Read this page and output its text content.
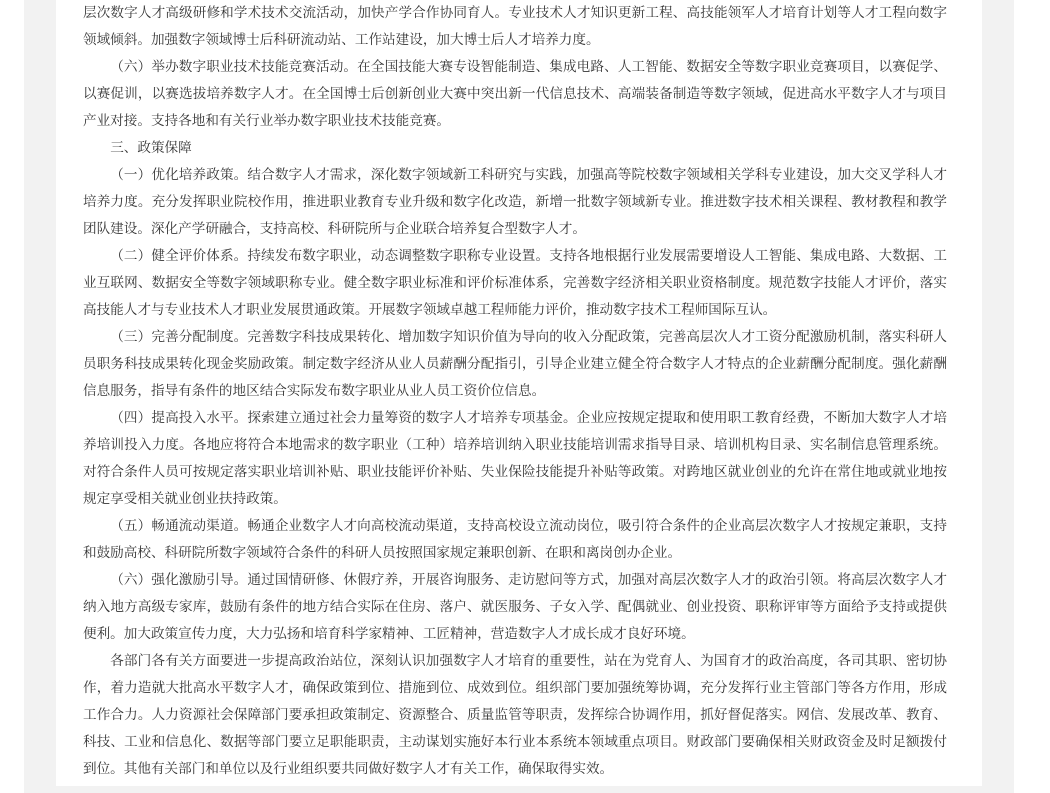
层次数字人才高级研修和学术技术交流活动，加快产学合作协同育人。专业技术人才知识更新工程、高技能领军人才培育计划等人才工程向数字领域倾斜。加强数字领域博士后科研流动站、工作站建设，加大博士后人才培养力度。

（六）举办数字职业技术技能竞赛活动。在全国技能大赛专设智能制造、集成电路、人工智能、数据安全等数字职业竞赛项目，以赛促学、以赛促训，以赛选拔培养数字人才。在全国博士后创新创业大赛中突出新一代信息技术、高端装备制造等数字领域，促进高水平数字人才与项目产业对接。支持各地和有关行业举办数字职业技术技能竞赛。

三、政策保障

（一）优化培养政策。结合数字人才需求，深化数字领域新工科研究与实践，加强高等院校数字领域相关学科专业建设，加大交叉学科人才培养力度。充分发挥职业院校作用，推进职业教育专业升级和数字化改造，新增一批数字领域新专业。推进数字技术相关课程、教材教程和教学团队建设。深化产学研融合，支持高校、科研院所与企业联合培养复合型数字人才。

（二）健全评价体系。持续发布数字职业，动态调整数字职称专业设置。支持各地根据行业发展需要增设人工智能、集成电路、大数据、工业互联网、数据安全等数字领域职称专业。健全数字职业标准和评价标准体系，完善数字经济相关职业资格制度。规范数字技能人才评价，落实高技能人才与专业技术人才职业发展贯通政策。开展数字领域卓越工程师能力评价，推动数字技术工程师国际互认。

（三）完善分配制度。完善数字科技成果转化、增加数字知识价值为导向的收入分配政策，完善高层次人才工资分配激励机制，落实科研人员职务科技成果转化现金奖励政策。制定数字经济从业人员薪酬分配指引，引导企业建立健全符合数字人才特点的企业薪酬分配制度。强化薪酬信息服务，指导有条件的地区结合实际发布数字职业从业人员工资价位信息。

（四）提高投入水平。探索建立通过社会力量筹资的数字人才培养专项基金。企业应按规定提取和使用职工教育经费，不断加大数字人才培养培训投入力度。各地应将符合本地需求的数字职业（工种）培养培训纳入职业技能培训需求指导目录、培训机构目录、实名制信息管理系统。对符合条件人员可按规定落实职业培训补贴、职业技能评价补贴、失业保险技能提升补贴等政策。对跨地区就业创业的允许在常住地或就业地按规定享受相关就业创业扶持政策。

（五）畅通流动渠道。畅通企业数字人才向高校流动渠道，支持高校设立流动岗位，吸引符合条件的企业高层次数字人才按规定兼职，支持和鼓励高校、科研院所数字领域符合条件的科研人员按照国家规定兼职创新、在职和离岗创办企业。

（六）强化激励引导。通过国情研修、休假疗养，开展咨询服务、走访慰问等方式，加强对高层次数字人才的政治引领。将高层次数字人才纳入地方高级专家库，鼓励有条件的地方结合实际在住房、落户、就医服务、子女入学、配偶就业、创业投资、职称评审等方面给予支持或提供便利。加大政策宣传力度，大力弘扬和培育科学家精神、工匠精神，营造数字人才成长成才良好环境。

各部门各有关方面要进一步提高政治站位，深刻认识加强数字人才培育的重要性，站在为党育人、为国育才的政治高度，各司其职、密切协作，着力造就大批高水平数字人才，确保政策到位、措施到位、成效到位。组织部门要加强统筹协调，充分发挥行业主管部门等各方作用，形成工作合力。人力资源社会保障部门要承担政策制定、资源整合、质量监管等职责，发挥综合协调作用，抓好督促落实。网信、发展改革、教育、科技、工业和信息化、数据等部门要立足职能职责，主动谋划实施好本行业本系统本领域重点项目。财政部门要确保相关财政资金及时足额拨付到位。其他有关部门和单位以及行业组织要共同做好数字人才有关工作，确保取得实效。
